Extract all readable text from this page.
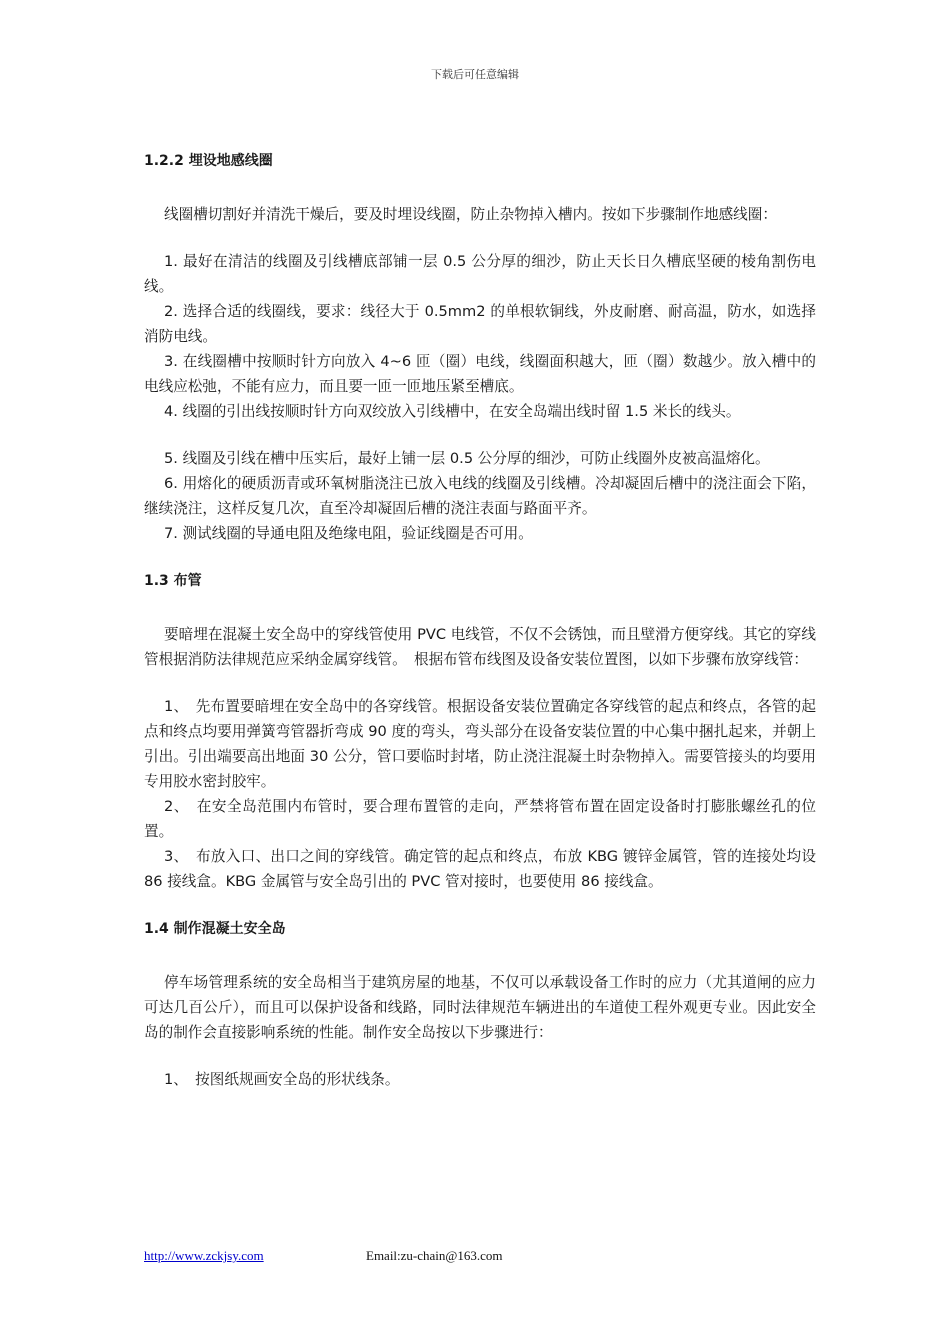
下载后可任意编辑
1.2.2 埋设地感线圈

线圈槽切割好并清洗干燥后，要及时埋设线圈，防止杂物掉入槽内。按如下步骤制作地感线圈：

1. 最好在清洁的线圈及引线槽底部铺一层 0.5 公分厚的细沙，防止天长日久槽底坚硬的棱角割伤电线。

2. 选择合适的线圈线，要求：线径大于 0.5mm2 的单根软铜线，外皮耐磨、耐高温，防水，如选择消防电线。

3. 在线圈槽中按顺时针方向放入 4~6 匝（圈）电线，线圈面积越大，匝（圈）数越少。放入槽中的电线应松弛，不能有应力，而且要一匝一匝地压紧至槽底。

4. 线圈的引出线按顺时针方向双绞放入引线槽中，在安全岛端出线时留 1.5 米长的线头。

5. 线圈及引线在槽中压实后，最好上铺一层 0.5 公分厚的细沙，可防止线圈外皮被高温熔化。

6. 用熔化的硬质沥青或环氧树脂浇注已放入电线的线圈及引线槽。冷却凝固后槽中的浇注面会下陷，继续浇注，这样反复几次，直至冷却凝固后槽的浇注表面与路面平齐。

7. 测试线圈的导通电阻及绝缘电阻，验证线圈是否可用。

1.3 布管

要暗埋在混凝土安全岛中的穿线管使用 PVC 电线管，不仅不会锈蚀，而且壁滑方便穿线。其它的穿线管根据消防法律规范应采纳金属穿线管。　根据布管布线图及设备安装位置图，以如下步骤布放穿线管：

1、　先布置要暗埋在安全岛中的各穿线管。根据设备安装位置确定各穿线管的起点和终点，各管的起点和终点均要用弹簧弯管器折弯成 90 度的弯头，弯头部分在设备安装位置的中心集中捆扎起来，并朝上引出。引出端要高出地面 30 公分，管口要临时封堵，防止浇注混凝土时杂物掉入。需要管接头的均要用专用胶水密封胶牢。

2、　在安全岛范围内布管时，要合理布置管的走向，严禁将管布置在固定设备时打膨胀螺丝孔的位置。

3、　布放入口、出口之间的穿线管。确定管的起点和终点，布放 KBG 镀锌金属管，管的连接处均设 86 接线盒。KBG 金属管与安全岛引出的 PVC 管对接时，也要使用 86 接线盒。

1.4 制作混凝土安全岛

停车场管理系统的安全岛相当于建筑房屋的地基，不仅可以承载设备工作时的应力（尤其道闸的应力可达几百公斤），而且可以保护设备和线路，同时法律规范车辆进出的车道使工程外观更专业。因此安全岛的制作会直接影响系统的性能。制作安全岛按以下步骤进行：

1、　按图纸规画安全岛的形状线条。

http://www.zckjsy.com	Email:zu-chain@163.com
